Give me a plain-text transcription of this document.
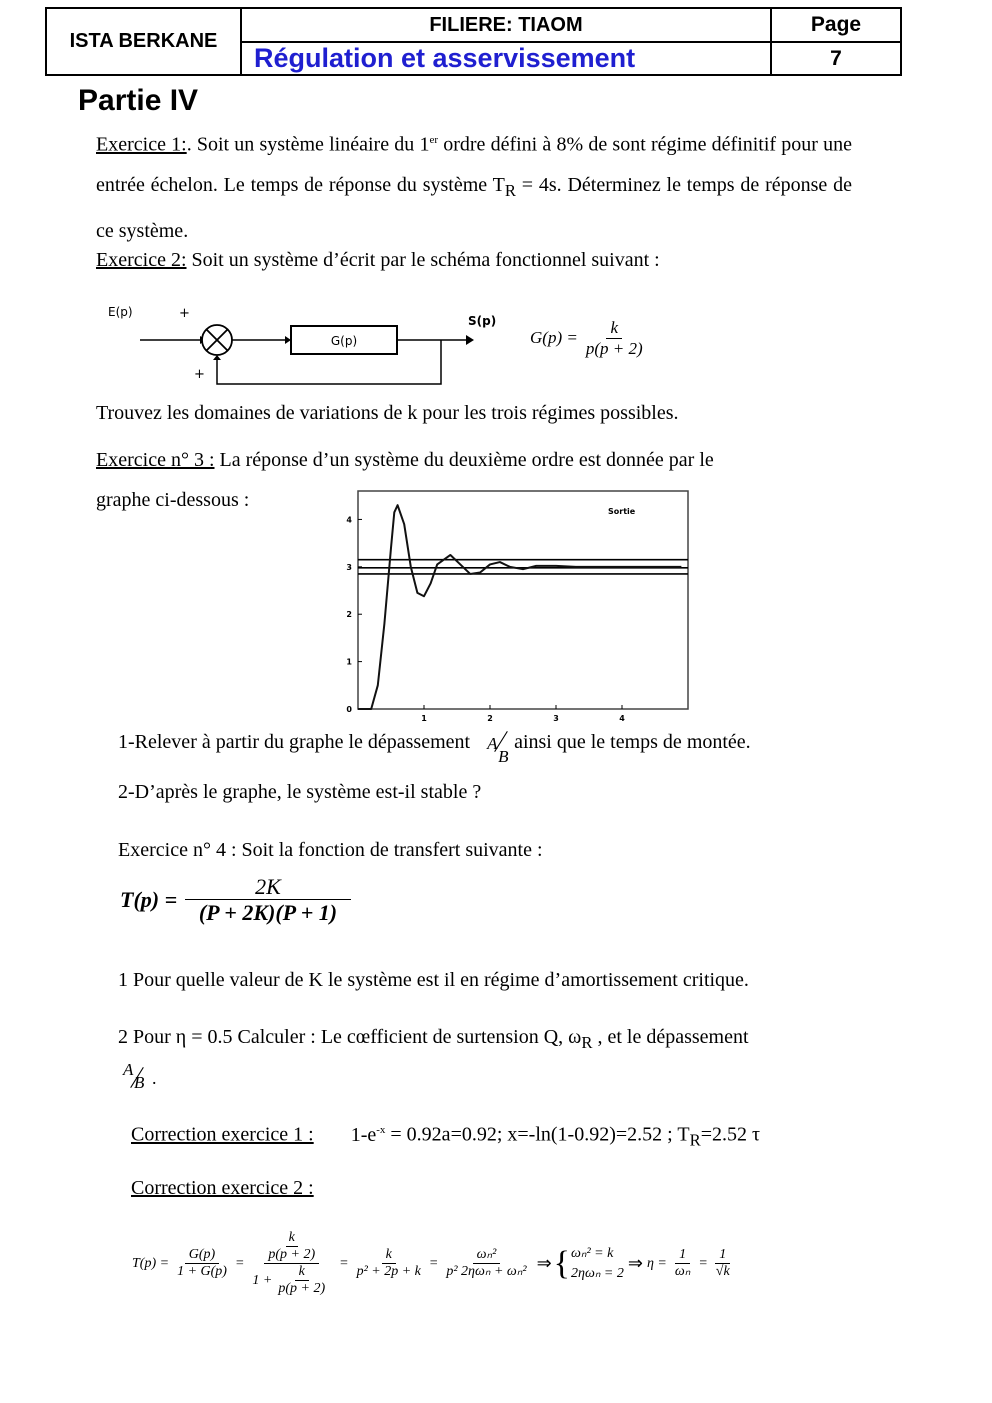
ISTA BERKANE	FILIERE: TIAOM	Page
	Régulation et asservissement	7
Partie IV
Exercice 1:. Soit un système linéaire du 1er ordre défini à 8% de sont régime définitif pour une entrée échelon. Le temps de réponse du système $T_R = 4s$. Déterminez le temps de réponse de ce système.
Exercice 2: Soit un système d’écrit par le schéma fonctionnel suivant :
E(p)	+
+
G(p)
S(p)
$G(p) = \frac{k}{p(p + 2)}$
Trouvez les domaines de variations de k pour les trois régimes possibles.
Exercice n° 3 : La réponse d’un système du deuxième ordre est donnée par le
graphe ci-dessous :
0
1
2
3
4
1	2	3	4
Sortie
1-Relever à partir du graphe le dépassement A
B
ainsi que le temps de montée.
2-D’après le graphe, le système est-il stable ?
Exercice n° 4 : Soit la fonction de transfert suivante :
$T(p) = \frac{2K}{(P + 2K)(P + 1)}$
1 Pour quelle valeur de K le système est il en régime d’amortissement critique.
2 Pour η = 0.5 Calculer : Le cœfficient de surtension Q, $\omega_R$ , et le dépassement
A
B .
Correction exercice 1 : $1-e^{-x} = 0.92a=0.92$; x=-ln(1-0.92)=2.52 ; $T_R=2.52$ τ
Correction exercice 2 :
$T(p) = \frac{G(p)}{1 + G(p)} = k$
p(p + 2)
$1 + \frac{k}{p(p + 2)} = \frac{k}{\text{p² + 2p + k}} = \frac{\text{ωₙ²}}{\text{p² 2ηωₙ + ωₙ²}}$ ⇒ { ωₙ² = k
2ηωₙ = 2 ⇒ $\eta = \frac{1}{\text{ωₙ}} = \frac{1}{√k}$
